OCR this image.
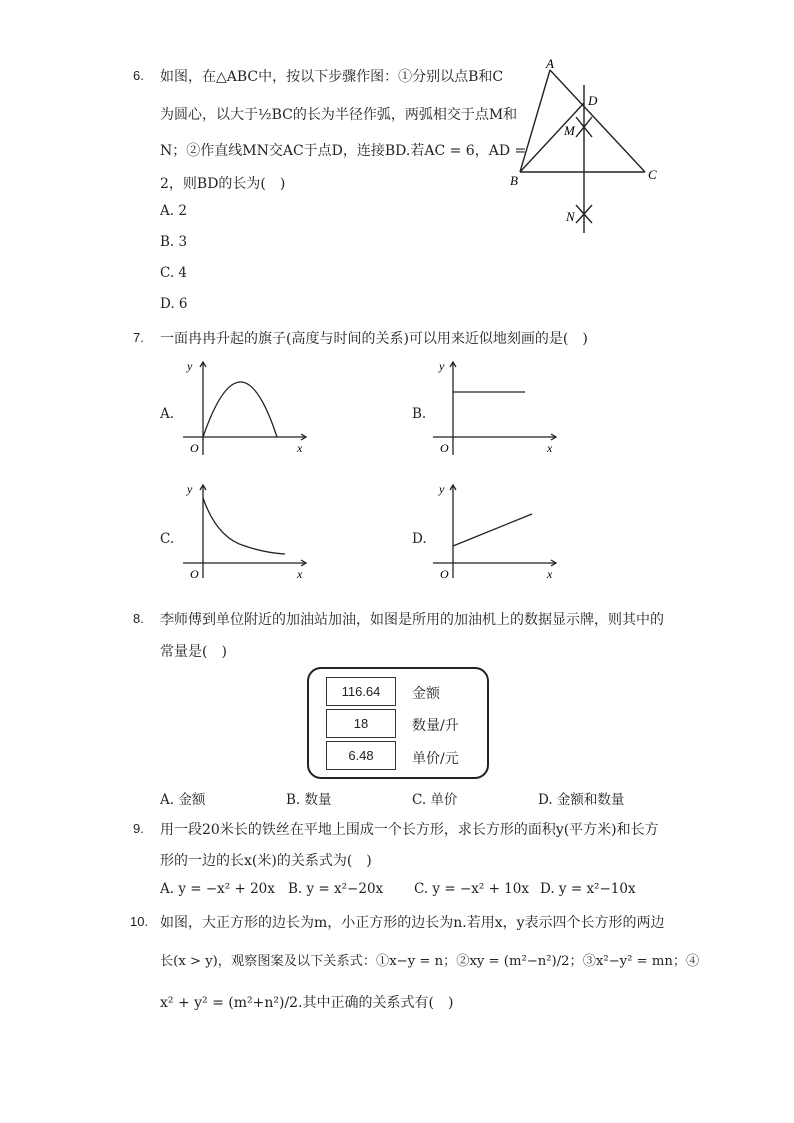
6. 如图，在△ABC中，按以下步骤作图：①分别以点B和C
为圆心，以大于½BC的长为半径作弧，两弧相交于点M和
N；②作直线MN交AC于点D，连接BD.若AC = 6，AD =
2，则BD的长为(　)
A. 2
B. 3
C. 4
D. 6
A
D
M
B	C
N
7. 一面冉冉升起的旗子(高度与时间的关系)可以用来近似地刻画的是(　)
A.
y
x
O
B.
y
x
O
C.
y
x
O
D.
y
x
O
8. 李师傅到单位附近的加油站加油，如图是所用的加油机上的数据显示牌，则其中的
常量是(　)
116.64	金额
18	数量/升
6.48	单价/元
A. 金额	B. 数量	C. 单价	D. 金额和数量
9. 用一段20米长的铁丝在平地上围成一个长方形，求长方形的面积y(平方米)和长方
形的一边的长x(米)的关系式为(　)
A. y = −x² + 20x B. y = x²−20x C. y = −x² + 10x D. y = x²−10x
10. 如图，大正方形的边长为m，小正方形的边长为n.若用x，y表示四个长方形的两边
长(x > y)，观察图案及以下关系式：①x−y = n；②xy = (m²−n²)/2；③x²−y² = mn；④
x² + y² = (m²+n²)/2.其中正确的关系式有(　)
